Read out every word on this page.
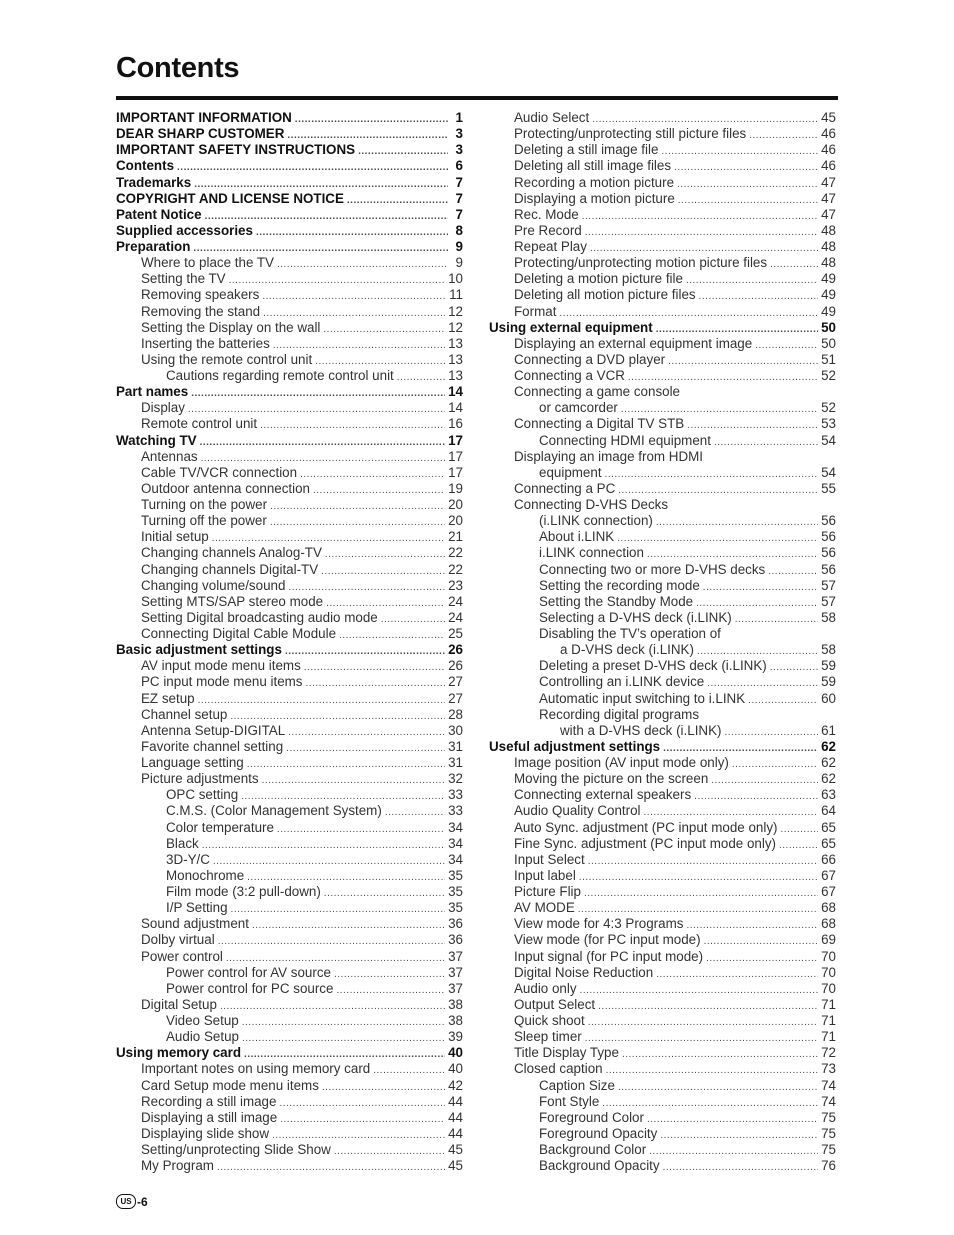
Contents
IMPORTANT INFORMATION .....	1
DEAR SHARP CUSTOMER .....	3
IMPORTANT SAFETY INSTRUCTIONS .....	3
Contents .....	6
Trademarks .....	7
COPYRIGHT AND LICENSE NOTICE .....	7
Patent Notice .....	7
Supplied accessories .....	8
Preparation .....	9
Where to place the TV .....	9
Setting the TV .....	10
Removing speakers .....	11
Removing the stand .....	12
Setting the Display on the wall .....	12
Inserting the batteries .....	13
Using the remote control unit .....	13
Cautions regarding remote control unit .....	13
Part names .....	14
Display .....	14
Remote control unit .....	16
Watching TV .....	17
Antennas .....	17
Cable TV/VCR connection .....	17
Outdoor antenna connection .....	19
Turning on the power .....	20
Turning off the power .....	20
Initial setup .....	21
Changing channels Analog-TV .....	22
Changing channels Digital-TV .....	22
Changing volume/sound .....	23
Setting MTS/SAP stereo mode .....	24
Setting Digital broadcasting audio mode .....	24
Connecting Digital Cable Module .....	25
Basic adjustment settings .....	26
AV input mode menu items .....	26
PC input mode menu items .....	27
EZ setup .....	27
Channel setup .....	28
Antenna Setup-DIGITAL .....	30
Favorite channel setting .....	31
Language setting .....	31
Picture adjustments .....	32
OPC setting .....	33
C.M.S. (Color Management System) .....	33
Color temperature .....	34
Black .....	34
3D-Y/C .....	34
Monochrome .....	35
Film mode (3:2 pull-down) .....	35
I/P Setting .....	35
Sound adjustment .....	36
Dolby virtual .....	36
Power control .....	37
Power control for AV source .....	37
Power control for PC source .....	37
Digital Setup .....	38
Video Setup .....	38
Audio Setup .....	39
Using memory card .....	40
Important notes on using memory card .....	40
Card Setup mode menu items .....	42
Recording a still image .....	44
Displaying a still image .....	44
Displaying slide show .....	44
Setting/unprotecting Slide Show .....	45
My Program .....	45
Audio Select .....	45
Protecting/unprotecting still picture files .....	46
Deleting a still image file .....	46
Deleting all still image files .....	46
Recording a motion picture .....	47
Displaying a motion picture .....	47
Rec. Mode .....	47
Pre Record .....	48
Repeat Play .....	48
Protecting/unprotecting motion picture files .....	48
Deleting a motion picture file .....	49
Deleting all motion picture files .....	49
Format .....	49
Using external equipment .....	50
Displaying an external equipment image .....	50
Connecting a DVD player .....	51
Connecting a VCR .....	52
Connecting a game console
or camcorder .....	52
Connecting a Digital TV STB .....	53
Connecting HDMI equipment .....	54
Displaying an image from HDMI
equipment .....	54
Connecting a PC .....	55
Connecting D-VHS Decks
(i.LINK connection) .....	56
About i.LINK .....	56
i.LINK connection .....	56
Connecting two or more D-VHS decks .....	56
Setting the recording mode .....	57
Setting the Standby Mode .....	57
Selecting a D-VHS deck (i.LINK) .....	58
Disabling the TV’s operation of
a D-VHS deck (i.LINK) .....	58
Deleting a preset D-VHS deck (i.LINK) .....	59
Controlling an i.LINK device .....	59
Automatic input switching to i.LINK .....	60
Recording digital programs
with a D-VHS deck (i.LINK) .....	61
Useful adjustment settings .....	62
Image position (AV input mode only) .....	62
Moving the picture on the screen .....	62
Connecting external speakers .....	63
Audio Quality Control .....	64
Auto Sync. adjustment (PC input mode only) .....	65
Fine Sync. adjustment (PC input mode only) .....	65
Input Select .....	66
Input label .....	67
Picture Flip .....	67
AV MODE .....	68
View mode for 4:3 Programs .....	68
View mode (for PC input mode) .....	69
Input signal (for PC input mode) .....	70
Digital Noise Reduction .....	70
Audio only .....	70
Output Select .....	71
Quick shoot .....	71
Sleep timer .....	71
Title Display Type .....	72
Closed caption .....	73
Caption Size .....	74
Font Style .....	74
Foreground Color .....	75
Foreground Opacity .....	75
Background Color .....	75
Background Opacity .....	76
US -6
